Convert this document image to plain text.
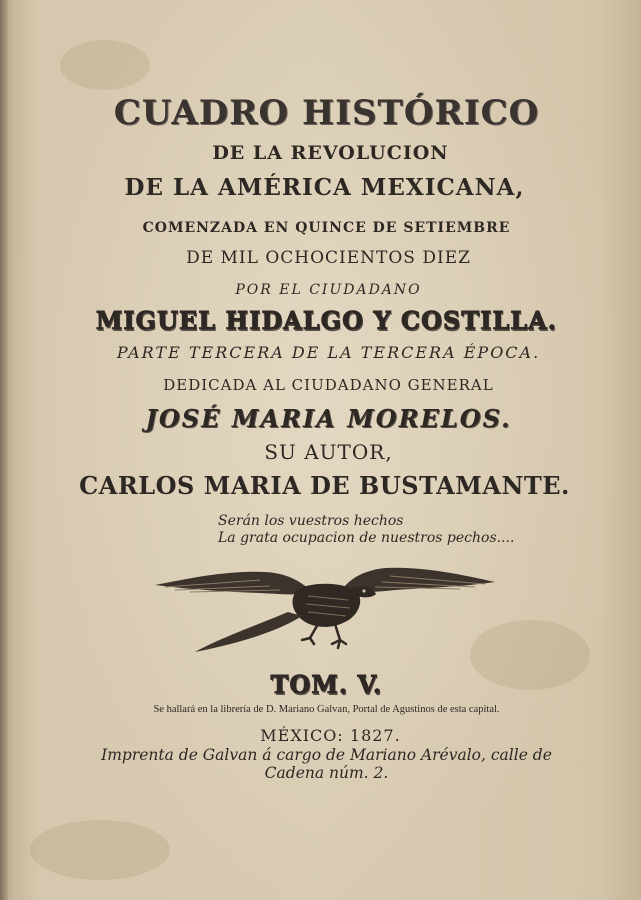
CUADRO HISTÓRICO
DE LA REVOLUCION
DE LA AMÉRICA MEXICANA,
COMENZADA EN QUINCE DE SETIEMBRE
DE MIL OCHOCIENTOS DIEZ
POR EL CIUDADANO
MIGUEL HIDALGO Y COSTILLA.
PARTE TERCERA DE LA TERCERA ÉPOCA.
DEDICADA AL CIUDADANO GENERAL
JOSÉ MARIA MORELOS.
SU AUTOR,
CARLOS MARIA DE BUSTAMANTE.
Serán los vuestros hechos
La grata ocupacion de nuestros pechos....
TOM. V.
Se hallará en la librería de D. Mariano Galvan, Portal de Agustinos de esta capital.
MÉXICO: 1827.
Imprenta de Galvan á cargo de Mariano Arévalo, calle de
Cadena núm. 2.
